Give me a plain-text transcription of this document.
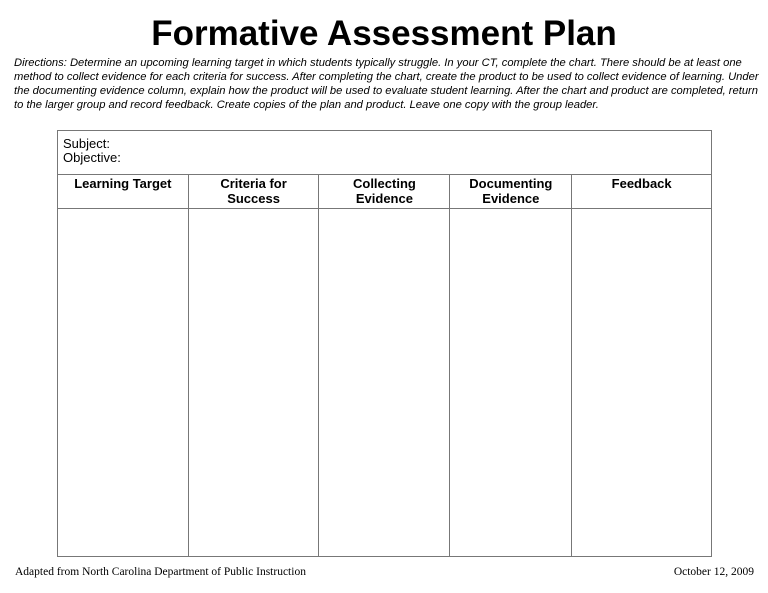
Formative Assessment Plan
Directions: Determine an upcoming learning target in which students typically struggle. In your CT, complete the chart. There should be at least one method to collect evidence for each criteria for success. After completing the chart, create the product to be used to collect evidence of learning. Under the documenting evidence column, explain how the product will be used to evaluate student learning. After the chart and product are completed, return to the larger group and record feedback. Create copies of the plan and product. Leave one copy with the group leader.
Subject:
Objective:				

Learning Target	Criteria for Success	Collecting Evidence	Documenting Evidence	Feedback

Adapted from North Carolina Department of Public Instruction	October 12, 2009
